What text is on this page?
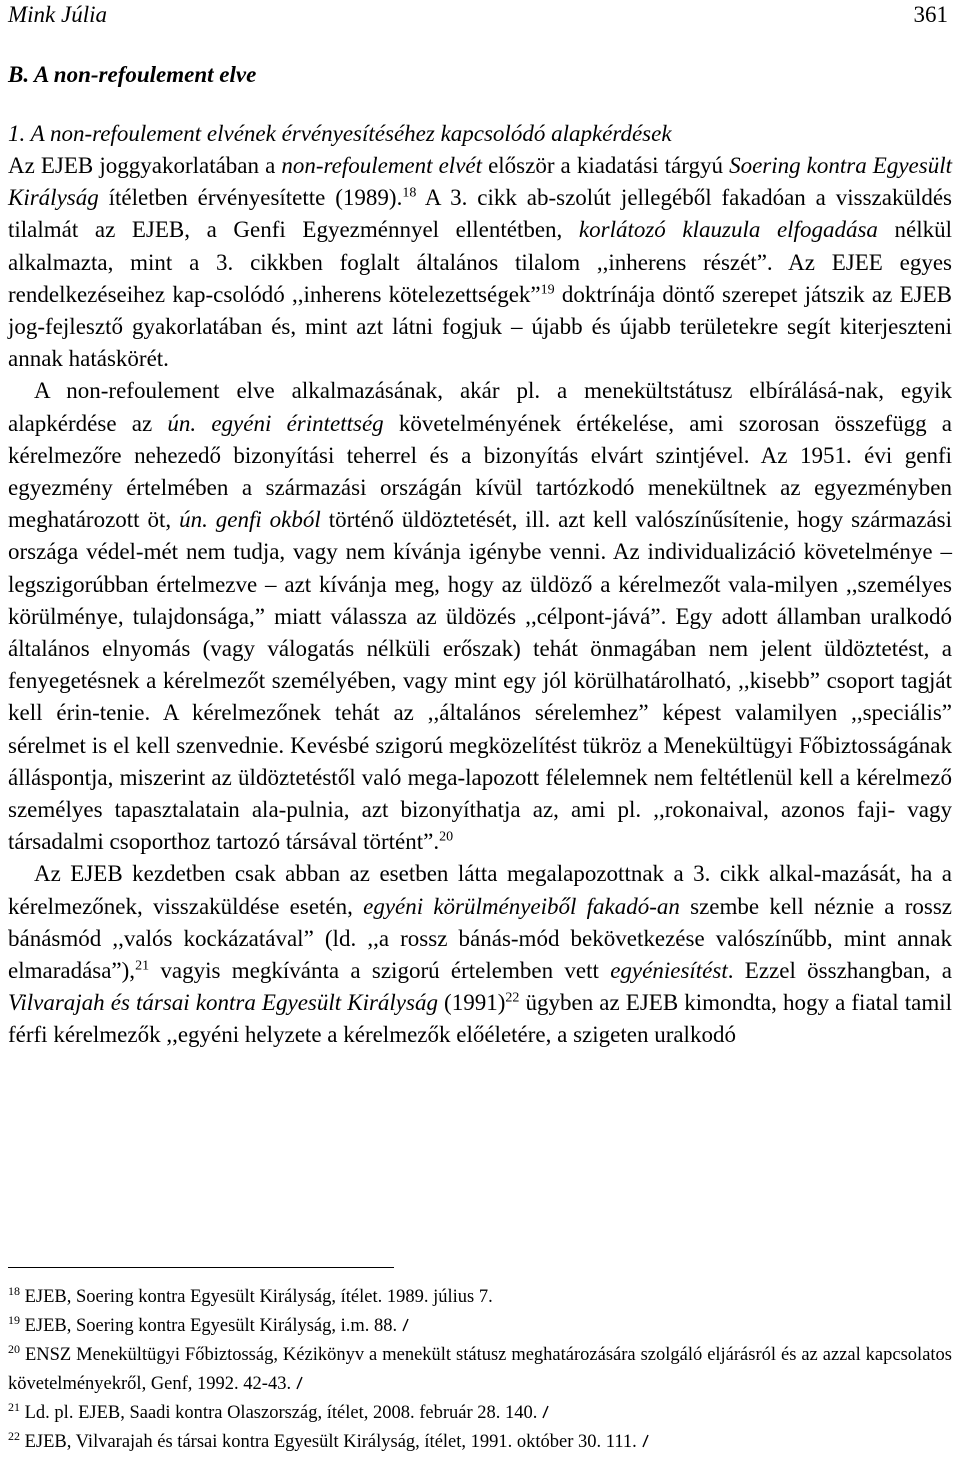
Mink Júlia	361
B. A non-refoulement elve
1. A non-refoulement elvének érvényesítéséhez kapcsolódó alapkérdések

Az EJEB joggyakorlatában a non-refoulement elvét először a kiadatási tárgyú Soering kontra Egyesült Királyság ítéletben érvényesítette (1989).$^{18}$ A 3. cikk ab-szolút jellegéből fakadóan a visszaküldés tilalmát az EJEB, a Genfi Egyezménnyel ellentétben, korlátozó klauzula elfogadása nélkül alkalmazta, mint a 3. cikkben foglalt általános tilalom ,,inherens részét”. Az EJEE egyes rendelkezéseihez kap-csolódó ,,inherens kötelezettségek”$^{19}$ doktrínája döntő szerepet játszik az EJEB jog-fejlesztő gyakorlatában és, mint azt látni fogjuk – újabb és újabb területekre segít kiterjeszteni annak hatáskörét.

A non-refoulement elve alkalmazásának, akár pl. a menekültstátusz elbírálásá-nak, egyik alapkérdése az ún. egyéni érintettség követelményének értékelése, ami szorosan összefügg a kérelmezőre nehezedő bizonyítási teherrel és a bizonyítás elvárt szintjével. Az 1951. évi genfi egyezmény értelmében a származási országán kívül tartózkodó menekültnek az egyezményben meghatározott öt, ún. genfi okból történő üldöztetését, ill. azt kell valószínűsítenie, hogy származási országa védel-mét nem tudja, vagy nem kívánja igénybe venni. Az individualizáció követelménye – legszigorúbban értelmezve – azt kívánja meg, hogy az üldöző a kérelmezőt vala-milyen ,,személyes körülménye, tulajdonsága,” miatt válassza az üldözés ,,célpont-jává”. Egy adott államban uralkodó általános elnyomás (vagy válogatás nélküli erőszak) tehát önmagában nem jelent üldöztetést, a fenyegetésnek a kérelmezőt személyében, vagy mint egy jól körülhatárolható, ,,kisebb” csoport tagját kell érin-tenie. A kérelmezőnek tehát az ,,általános sérelemhez” képest valamilyen ,,speciális” sérelmet is el kell szenvednie. Kevésbé szigorú megközelítést tükröz a Menekültügyi Főbiztosságának álláspontja, miszerint az üldöztetéstől való mega-lapozott félelemnek nem feltétlenül kell a kérelmező személyes tapasztalatain ala-pulnia, azt bizonyíthatja az, ami pl. ,,rokonaival, azonos faji- vagy társadalmi csoporthoz tartozó társával történt”.$^{20}$

Az EJEB kezdetben csak abban az esetben látta megalapozottnak a 3. cikk alkal-mazását, ha a kérelmezőnek, visszaküldése esetén, egyéni körülményeiből fakadó-an szembe kell néznie a rossz bánásmód ,,valós kockázatával” (ld. ,,a rossz bánás-mód bekövetkezése valószínűbb, mint annak elmaradása”),$^{21}$ vagyis megkívánta a szigorú értelemben vett egyéniesítést. Ezzel összhangban, a Vilvarajah és társai kontra Egyesült Királyság $(1991)^{22}$ ügyben az EJEB kimondta, hogy a fiatal tamil férfi kérelmezők ,,egyéni helyzete a kérelmezők előéletére, a szigeten uralkodó

$^{18}$ EJEB, Soering kontra Egyesült Királyság, ítélet. 1989. július 7.

$^{19}$ EJEB, Soering kontra Egyesült Királyság, i.m. 88.

$^{20}$ ENSZ Menekültügyi Főbiztosság, Kézikönyv a menekült státusz meghatározására szolgáló eljárásról és az azzal kapcsolatos követelményekről, Genf, 1992. 42-43.

$^{21}$ Ld. pl. EJEB, Saadi kontra Olaszország, ítélet, 2008. február 28. 140.

$^{22}$ EJEB, Vilvarajah és társai kontra Egyesült Királyság, ítélet, 1991. október 30. 111.
